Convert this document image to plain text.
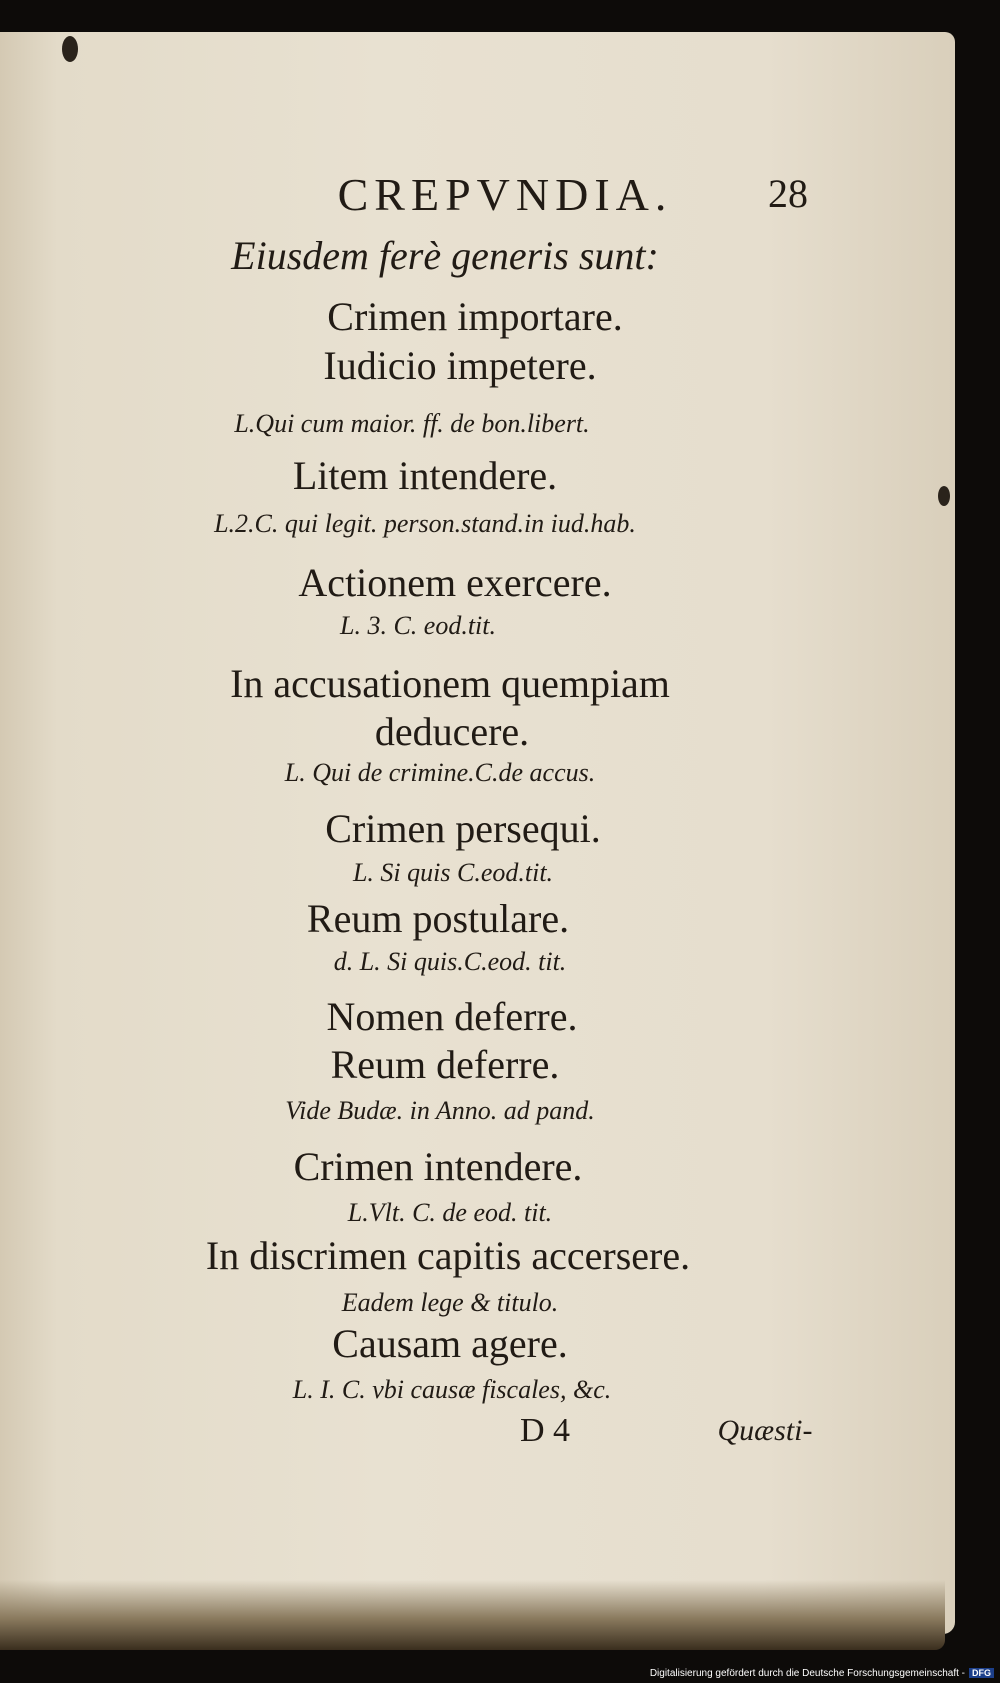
CREPVNDIA. 28
Eiusdem ferè generis sunt:
Crimen importare.
Iudicio impetere.
L.Qui cum maior. ff. de bon.libert.
Litem intendere.
L.2.C. qui legit. person.stand.in iud.hab.
Actionem exercere.
L. 3. C. eod.tit.
In accusationem quempiam
deducere.
L. Qui de crimine.C.de accus.
Crimen persequi.
L. Si quis C.eod.tit.
Reum postulare.
d. L. Si quis.C.eod. tit.
Nomen deferre.
Reum deferre.
Vide Budæ. in Anno. ad pand.
Crimen intendere.
L.Vlt. C. de eod. tit.
In discrimen capitis accersere.
Eadem lege & titulo.
Causam agere.
L. I. C. vbi causæ fiscales, &c.
D 4	Quæsti-
Digitalisierung gefördert durch die Deutsche Forschungsgemeinschaft - DFG
